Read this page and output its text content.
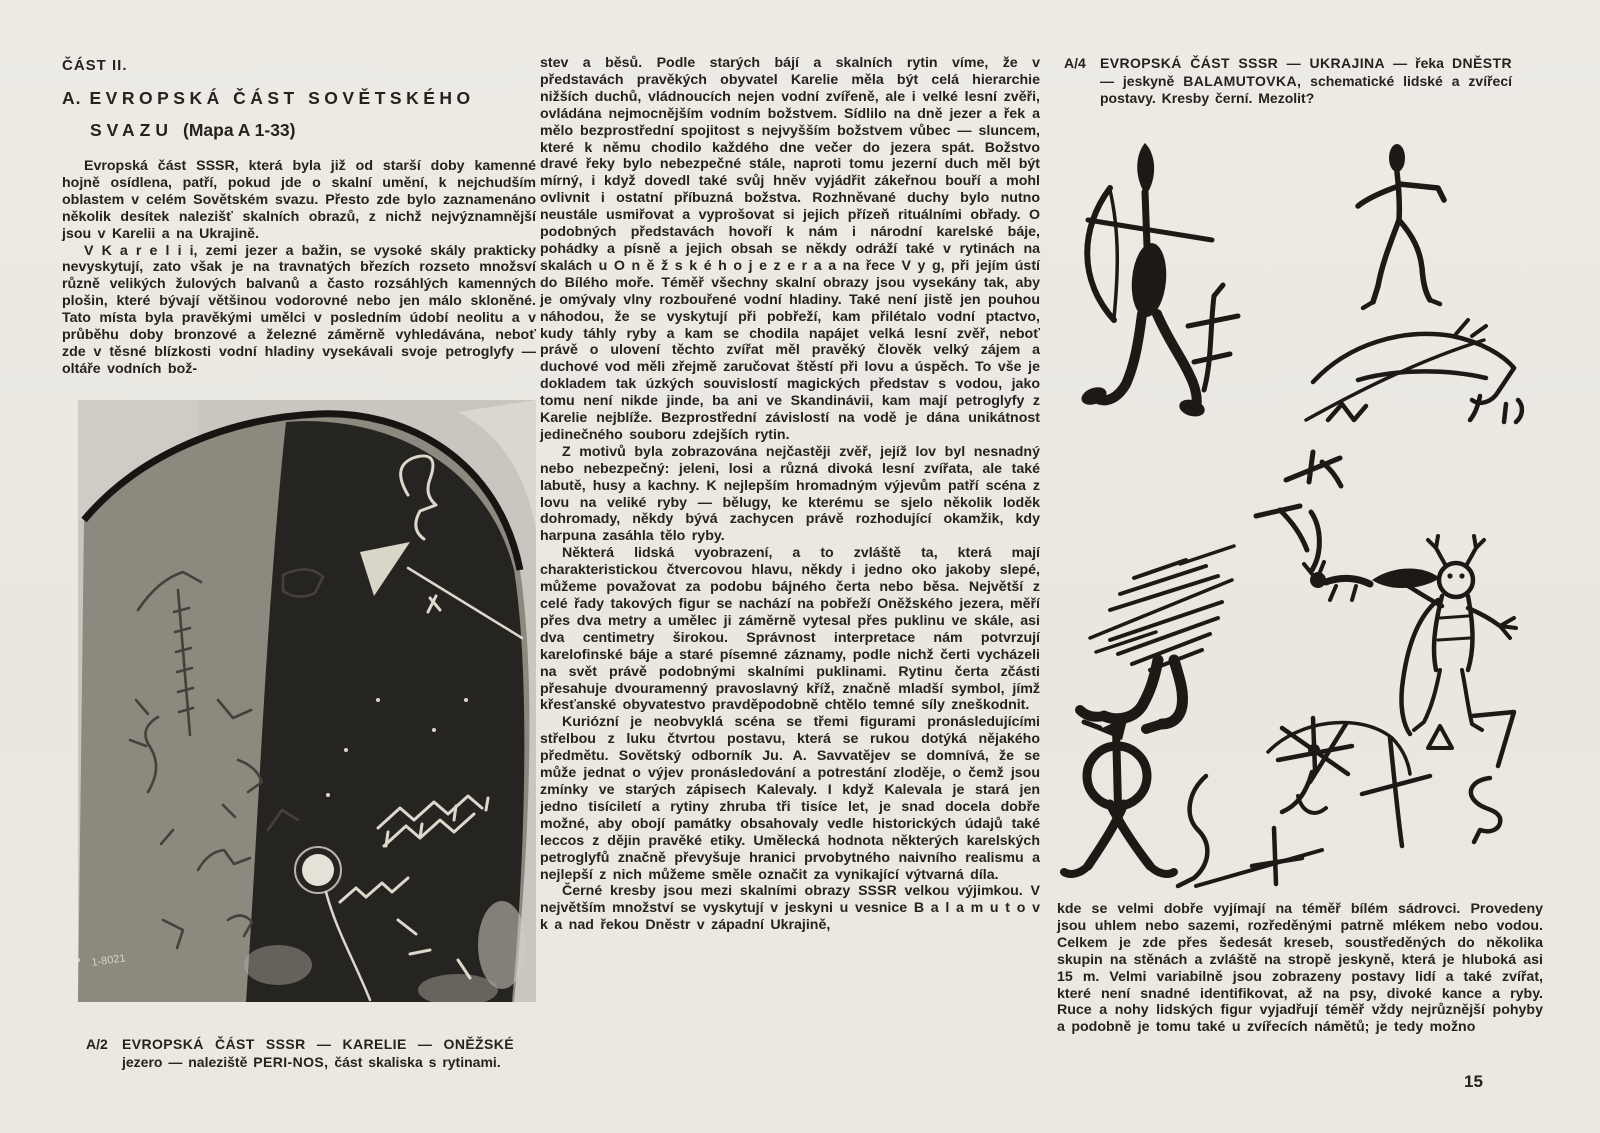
ČÁST II.
A. EVROPSKÁ ČÁST SOVĚTSKÉHO
SVAZU (Mapa A 1-33)

Evropská část SSSR, která byla již od starší doby kamenné hojně osídlena, patří, pokud jde o skalní umění, k nejchudším oblastem v celém Sovětském svazu. Přesto zde bylo zaznamenáno několik desítek nalezišť skalních obrazů, z nichž nejvýznamnější jsou v Karelii a na Ukrajině.

V K a r e l i i, zemi jezer a bažin, se vysoké skály prakticky nevyskytují, zato však je na travnatých březích rozseto množsví různě velikých žulových balvanů a často rozsáhlých kamenných plošin, které bývají většinou vodorovné nebo jen málo skloněné. Tato místa byla pravěkými umělci v posledním údobí neolitu a v průběhu doby bronzové a železné záměrně vyhledávána, neboť zde v těsné blízkosti vodní hladiny vysekávali svoje petroglyfy — oltáře vodních bož-

1-8021
A/2	EVROPSKÁ ČÁST SSSR — KARELIE — ONĚŽSKÉ jezero — naleziště PERI-NOS, část skaliska s rytinami.

stev a běsů. Podle starých bájí a skalních rytin víme, že v představách pravěkých obyvatel Karelie měla být celá hierarchie nižších duchů, vládnoucích nejen vodní zvířeně, ale i velké lesní zvěři, ovládána nejmocnějším vodním božstvem. Sídlilo na dně jezer a řek a mělo bezprostřední spojitost s nejvyšším božstvem vůbec — sluncem, které k němu chodilo každého dne večer do jezera spát. Božstvo dravé řeky bylo nebezpečné stále, naproti tomu jezerní duch měl být mírný, i když dovedl také svůj hněv vyjádřit zákeřnou bouří a mohl ovlivnit i ostatní příbuzná božstva. Rozhněvané duchy bylo nutno neustále usmiřovat a vyprošovat si jejich přízeň rituálními obřady. O podobných představách hovoří k nám i národní karelské báje, pohádky a písně a jejich obsah se někdy odráží také v rytinách na skalách u O n ě ž s k é h o j e z e r a a na řece V y g, při jejím ústí do Bílého moře. Téměř všechny skalní obrazy jsou vysekány tak, aby je omývaly vlny rozbouřené vodní hladiny. Také není jistě jen pouhou náhodou, že se vyskytují při pobřeží, kam přilétalo vodní ptactvo, kudy táhly ryby a kam se chodila napájet velká lesní zvěř, neboť právě o ulovení těchto zvířat měl pravěký člověk velký zájem a duchové vod měli zřejmě zaručovat štěstí při lovu a úspěch. To vše je dokladem tak úzkých souvislostí magických představ s vodou, jako tomu není nikde jinde, ba ani ve Skandinávii, kam mají petroglyfy z Karelie nejblíže. Bezprostřední závislostí na vodě je dána unikátnost jedinečného souboru zdejších rytin.

Z motivů byla zobrazována nejčastěji zvěř, jejíž lov byl nesnadný nebo nebezpečný: jeleni, losi a různá divoká lesní zvířata, ale také labutě, husy a kachny. K nejlepším hromadným výjevům patří scéna z lovu na veliké ryby — bělugy, ke kterému se sjelo několik loděk dohromady, někdy bývá zachycen právě rozhodující okamžik, kdy harpuna zasáhla tělo ryby.

Některá lidská vyobrazení, a to zvláště ta, která mají charakteristickou čtvercovou hlavu, někdy i jedno oko jakoby slepé, můžeme považovat za podobu bájného čerta nebo běsa. Největší z celé řady takových figur se nachází na pobřeží Oněžského jezera, měří přes dva metry a umělec ji záměrně vytesal přes puklinu ve skále, asi dva centimetry širokou. Správnost interpretace nám potvrzují karelofinské báje a staré písemné záznamy, podle nichž čerti vycházeli na svět právě podobnými skalními puklinami. Rytinu čerta zčásti přesahuje dvouramenný pravoslavný kříž, značně mladší symbol, jímž křesťanské obyvatestvo pravděpodobně chtělo temné síly zneškodnit.

Kuriózní je neobvyklá scéna se třemi figurami pronásledujícími střelbou z luku čtvrtou postavu, která se rukou dotýká nějakého předmětu. Sovětský odborník Ju. A. Savvatějev se domnívá, že se může jednat o výjev pronásledování a potrestání zloděje, o čemž jsou zmínky ve starých zápisech Kalevaly. I když Kalevala je stará jen jedno tisíciletí a rytiny zhruba tři tisíce let, je snad docela dobře možné, aby obojí památky obsahovaly vedle historických údajů také leccos z dějin pravěké etiky. Umělecká hodnota některých karelských petroglyfů značně převyšuje hranici prvobytného naivního realismu a nejlepší z nich můžeme směle označit za vynikající výtvarná díla.

Černé kresby jsou mezi skalními obrazy SSSR velkou výjimkou. V největším množství se vyskytují v jeskyni u vesnice B a l a m u t o v k a nad řekou Dněstr v západní Ukrajině,

A/4	EVROPSKÁ ČÁST SSSR — UKRAJINA — řeka DNĚSTR — jeskyně BALAMUTOVKA, schematické lidské a zvířecí postavy. Kresby černí. Mezolit?

kde se velmi dobře vyjímají na téměř bílém sádrovci. Provedeny jsou uhlem nebo sazemi, rozředěnými patrně mlékem nebo vodou. Celkem je zde přes šedesát kreseb, soustředěných do několika skupin na stěnách a zvláště na stropě jeskyně, která je hluboká asi 15 m. Velmi variabilně jsou zobrazeny postavy lidí a také zvířat, které není snadné identifikovat, až na psy, divoké kance a ryby. Ruce a nohy lidských figur vyjadřují téměř vždy nejrůznější pohyby a podobně je tomu také u zvířecích námětů; je tedy možno

15
